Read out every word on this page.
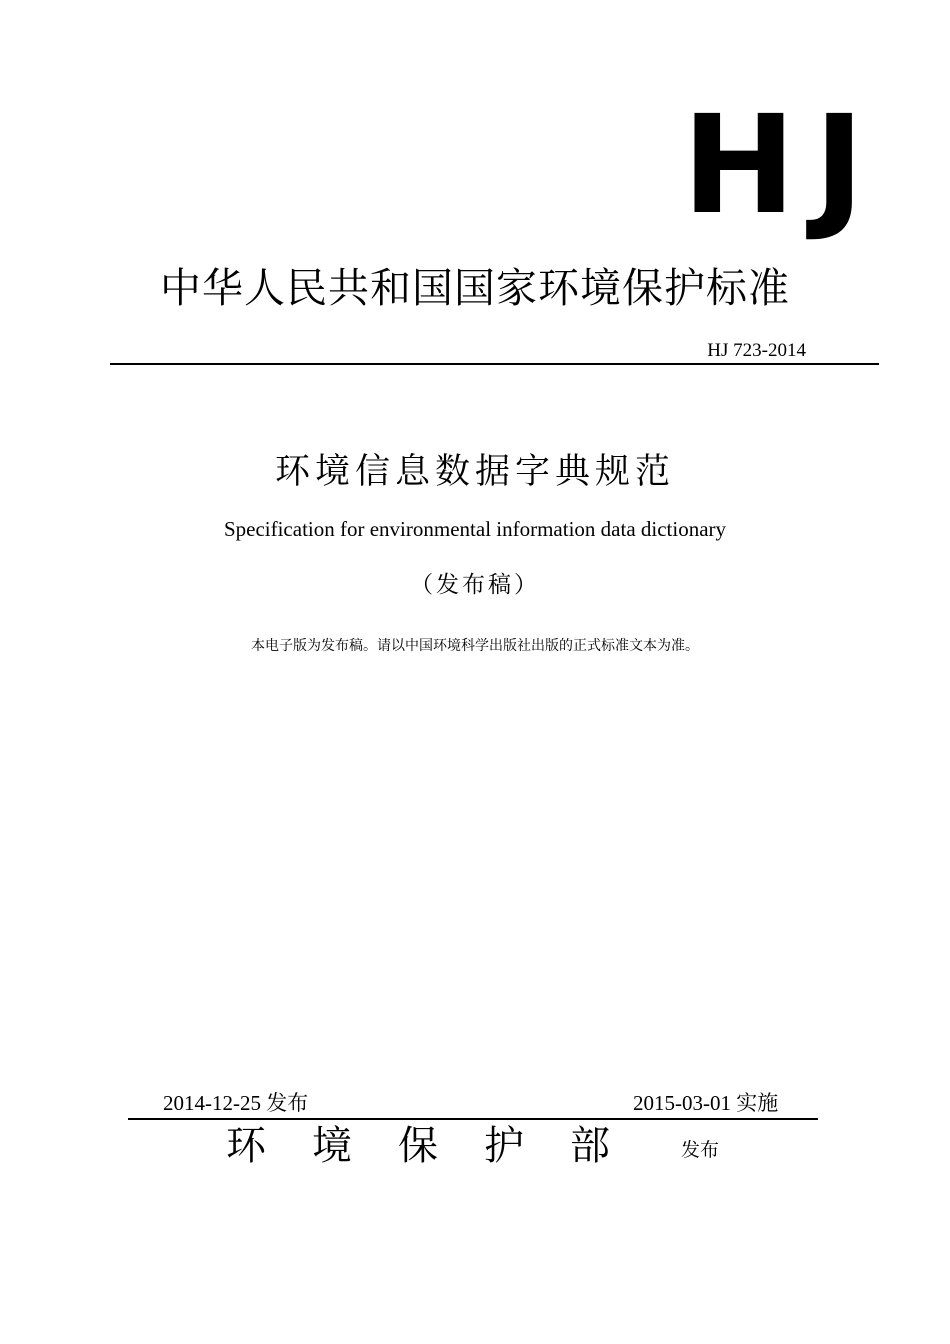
HJ
中华人民共和国国家环境保护标准
HJ 723-2014
环境信息数据字典规范
Specification for environmental information data dictionary
（发布稿）
本电子版为发布稿。请以中国环境科学出版社出版的正式标准文本为准。
2014-12-25 发布	2015-03-01 实施
环境保护部 发布
